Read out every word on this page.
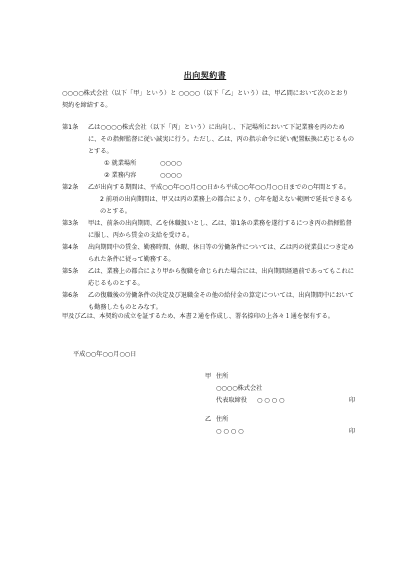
出向契約書
○○○○株式会社（以下「甲」という）と ○○○○（以下「乙」という）は、甲乙間において次のとおり契約を締結する。
第1条	乙は○○○○株式会社（以下「丙」という）に出向し、下記場所において下記業務を丙のために、その指揮監督に従い誠実に行う。ただし、乙は、丙の指示命令に従い配置転換に応じるものとする。
① 就業場所	○○○○
② 業務内容	○○○○
第2条	乙が出向する期間は、平成○○年○○月○○日から平成○○年○○月○○日までの○年間とする。
2 前項の出向期間は、甲又は丙の業務上の都合により、○年を超えない範囲で延長できるものとする。
第3条	甲は、前条の出向期間、乙を休職扱いとし、乙は、第1条の業務を遂行するにつき丙の指揮監督に服し、丙から賃金の支給を受ける。
第4条	出向期間中の賃金、勤務時間、休暇、休日等の労働条件については、乙は丙の従業員につき定められた条件に従って勤務する。
第5条	乙は、業務上の都合により甲から復職を命じられた場合には、出向期間経過前であってもこれに応じるものとする。
第6条	乙の復職後の労働条件の決定及び退職金その他の給付金の算定については、出向期間中においても勤務したものとみなす。
甲及び乙は、本契約の成立を証するため、本書２通を作成し、署名捺印の上各々１通を保有する。
平成○○年○○月○○日
甲 住所
○○○○株式会社
代表取締役 ○ ○ ○ ○	印
乙 住所
○ ○ ○ ○	印
